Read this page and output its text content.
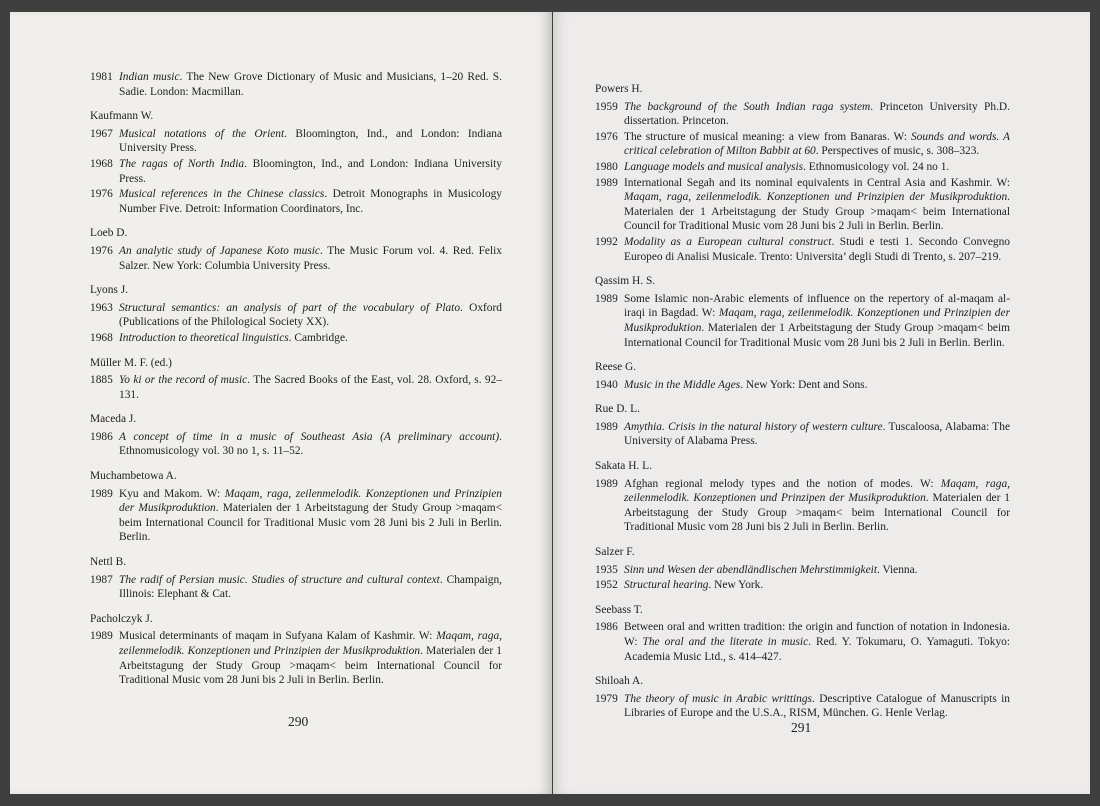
1981 Indian music. The New Grove Dictionary of Music and Musicians, 1–20 Red. S. Sadie. London: Macmillan.
Kaufmann W.
1967 Musical notations of the Orient. Bloomington, Ind., and London: Indiana University Press.
1968 The ragas of North India. Bloomington, Ind., and London: Indiana University Press.
1976 Musical references in the Chinese classics. Detroit Monographs in Musicology Number Five. Detroit: Information Coordinators, Inc.
Loeb D.
1976 An analytic study of Japanese Koto music. The Music Forum vol. 4. Red. Felix Salzer. New York: Columbia University Press.
Lyons J.
1963 Structural semantics: an analysis of part of the vocabulary of Plato. Oxford (Publications of the Philological Society XX).
1968 Introduction to theoretical linguistics. Cambridge.
Müller M. F. (ed.)
1885 Yo ki or the record of music. The Sacred Books of the East, vol. 28. Oxford, s. 92–131.
Maceda J.
1986 A concept of time in a music of Southeast Asia (A preliminary account). Ethnomusicology vol. 30 no 1, s. 11–52.
Muchambetowa A.
1989 Kyu and Makom. W: Maqam, raga, zeilenmelodik. Konzeptionen und Prinzipien der Musikproduktion. Materialen der 1 Arbeitstagung der Study Group >maqam< beim International Council for Traditional Music vom 28 Juni bis 2 Juli in Berlin. Berlin.
Nettl B.
1987 The radif of Persian music. Studies of structure and cultural context. Champaign, Illinois: Elephant & Cat.
Pacholczyk J.
1989 Musical determinants of maqam in Sufyana Kalam of Kashmir. W: Maqam, raga, zeilenmelodik. Konzeptionen und Prinzipien der Musikproduktion. Materialen der 1 Arbeitstagung der Study Group >maqam< beim International Council for Traditional Music vom 28 Juni bis 2 Juli in Berlin. Berlin.
290
Powers H.
1959 The background of the South Indian raga system. Princeton University Ph.D. dissertation. Princeton.
1976 The structure of musical meaning: a view from Banaras. W: Sounds and words. A critical celebration of Milton Babbit at 60. Perspectives of music, s. 308–323.
1980 Language models and musical analysis. Ethnomusicology vol. 24 no 1.
1989 International Segah and its nominal equivalents in Central Asia and Kashmir. W: Maqam, raga, zeilenmelodik. Konzeptionen und Prinzipien der Musikproduktion. Materialen der 1 Arbeitstagung der Study Group >maqam< beim International Council for Traditional Music vom 28 Juni bis 2 Juli in Berlin. Berlin.
1992 Modality as a European cultural construct. Studi e testi 1. Secondo Convegno Europeo di Analisi Musicale. Trento: Universita’ degli Studi di Trento, s. 207–219.
Qassim H. S.
1989 Some Islamic non-Arabic elements of influence on the repertory of al-maqam al-iraqi in Bagdad. W: Maqam, raga, zeilenmelodik. Konzeptionen und Prinzipien der Musikproduktion. Materialen der 1 Arbeitstagung der Study Group >maqam< beim International Council for Traditional Music vom 28 Juni bis 2 Juli in Berlin. Berlin.
Reese G.
1940 Music in the Middle Ages. New York: Dent and Sons.
Rue D. L.
1989 Amythia. Crisis in the natural history of western culture. Tuscaloosa, Alabama: The University of Alabama Press.
Sakata H. L.
1989 Afghan regional melody types and the notion of modes. W: Maqam, raga, zeilenmelodik. Konzeptionen und Prinzipen der Musikproduktion. Materialen der 1 Arbeitstagung der Study Group >maqam< beim International Council for Traditional Music vom 28 Juni bis 2 Juli in Berlin. Berlin.
Salzer F.
1935 Sinn und Wesen der abendländlischen Mehrstimmigkeit. Vienna.
1952 Structural hearing. New York.
Seebass T.
1986 Between oral and written tradition: the origin and function of notation in Indonesia. W: The oral and the literate in music. Red. Y. Tokumaru, O. Yamaguti. Tokyo: Academia Music Ltd., s. 414–427.
Shiloah A.
1979 The theory of music in Arabic writtings. Descriptive Catalogue of Manuscripts in Libraries of Europe and the U.S.A., RISM, München. G. Henle Verlag.
291
